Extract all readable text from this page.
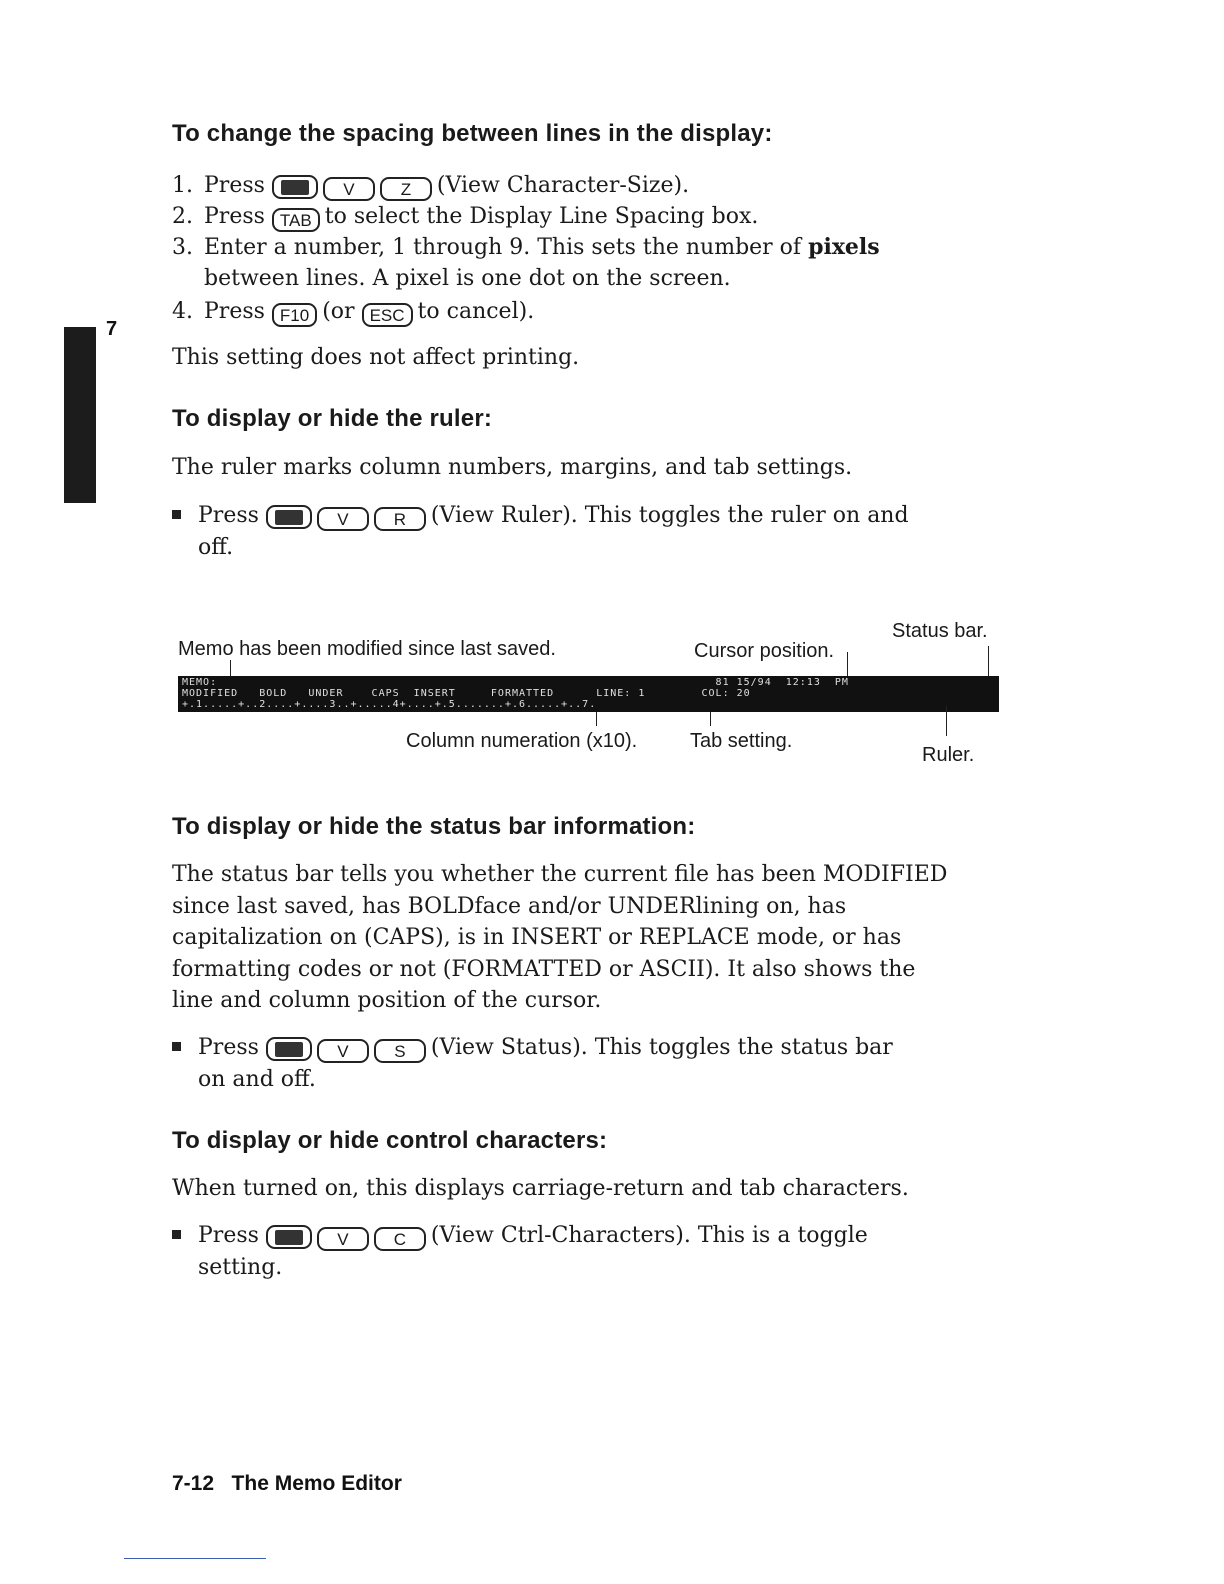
7
To change the spacing between lines in the display:
1. Press	V	Z (View Character-Size).
2. Press TAB to select the Display Line Spacing box.
3. Enter a number, 1 through 9. This sets the number of pixels
between lines. A pixel is one dot on the screen.
4. Press F10 (or ESC to cancel).
This setting does not affect printing.
To display or hide the ruler:
The ruler marks column numbers, margins, and tab settings.
Press	V	R (View Ruler). This toggles the ruler on and
off.
Status bar.
Memo has been modified since last saved.	Cursor position.
MEMO:                                                                       81 15/94  12:13  PM
MODIFIED   BOLD   UNDER    CAPS  INSERT     FORMATTED      LINE: 1        COL: 20
+.1.....+..2....+....3..+.....4+....+.5.......+.6.....+..7.
Column numeration (x10).	Tab setting.
Ruler.
To display or hide the status bar information:
The status bar tells you whether the current file has been MODIFIED
since last saved, has BOLDface and/or UNDERlining on, has
capitalization on (CAPS), is in INSERT or REPLACE mode, or has
formatting codes or not (FORMATTED or ASCII). It also shows the
line and column position of the cursor.
Press	V	S (View Status). This toggles the status bar
on and off.
To display or hide control characters:
When turned on, this displays carriage-return and tab characters.
Press	V	C (View Ctrl-Characters). This is a toggle
setting.
7-12 The Memo Editor
